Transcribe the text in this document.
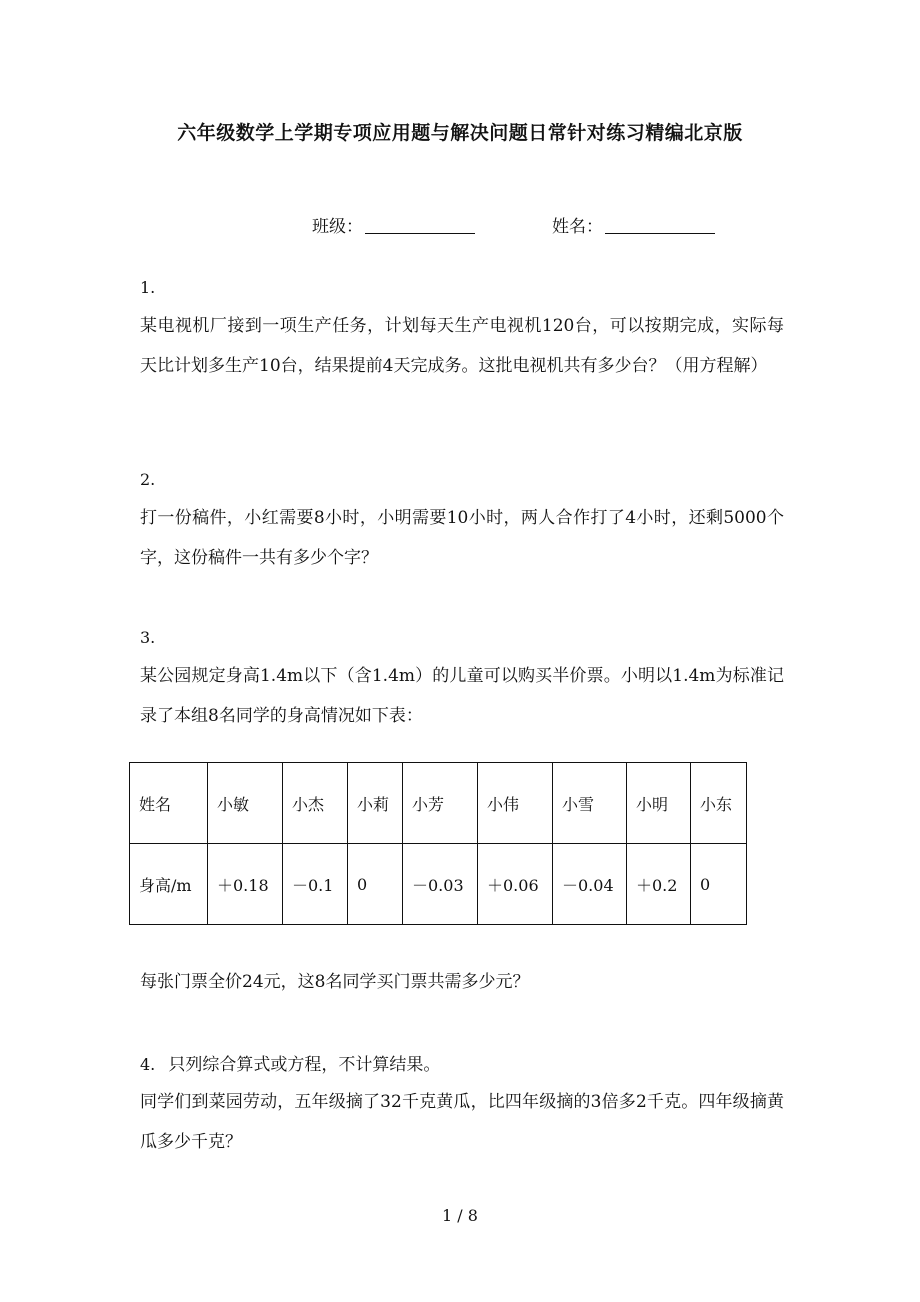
六年级数学上学期专项应用题与解决问题日常针对练习精编北京版
班级：	姓名：
1.
某电视机厂接到一项生产任务，计划每天生产电视机120台，可以按期完成，实际每天比计划多生产10台，结果提前4天完成务。这批电视机共有多少台？（用方程解）
2.
打一份稿件，小红需要8小时，小明需要10小时，两人合作打了4小时，还剩5000个字，这份稿件一共有多少个字？
3.
某公园规定身高1.4m以下（含1.4m）的儿童可以购买半价票。小明以1.4m为标准记录了本组8名同学的身高情况如下表：
姓名	小敏	小杰	小莉	小芳	小伟	小雪	小明	小东
身高/m	＋0.18	－0.1	0	－0.03	＋0.06	－0.04	＋0.2	0
每张门票全价24元，这8名同学买门票共需多少元？
4. 只列综合算式或方程，不计算结果。
同学们到菜园劳动，五年级摘了32千克黄瓜，比四年级摘的3倍多2千克。四年级摘黄瓜多少千克？
1 / 8
